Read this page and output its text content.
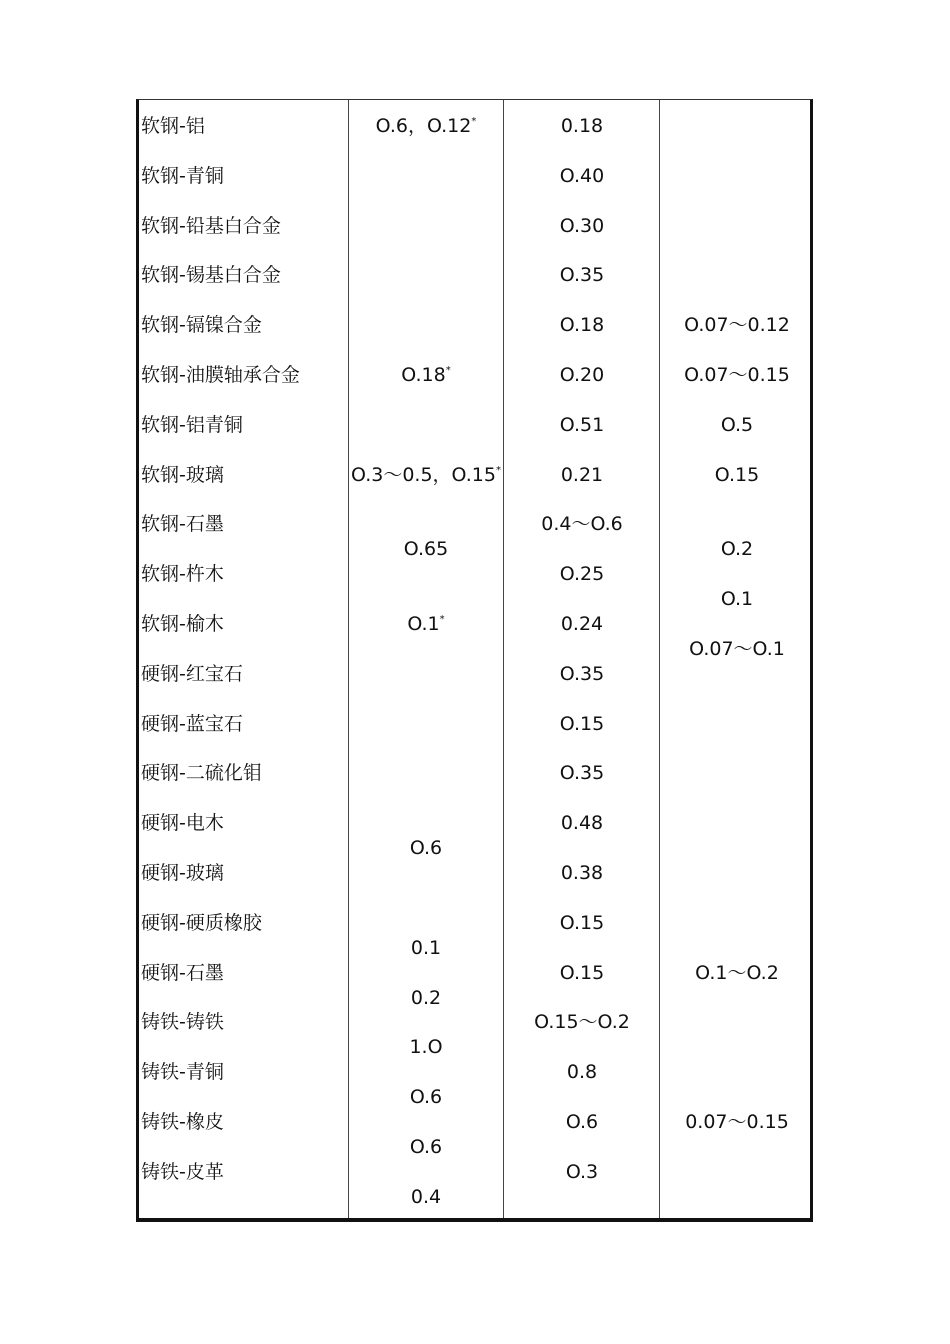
软钢-铝
软钢-青铜
软钢-铅基白合金
软钢-锡基白合金
软钢-镉镍合金
软钢-油膜轴承合金
软钢-铝青铜
软钢-玻璃
软钢-石墨
软钢-杵木
软钢-榆木
硬钢-红宝石
硬钢-蓝宝石
硬钢-二硫化钼
硬钢-电木
硬钢-玻璃
硬钢-硬质橡胶
硬钢-石墨
铸铁-铸铁
铸铁-青铜
铸铁-橡皮
铸铁-皮革
O.6，O.12*
O.18*
O.3～0.5，O.15*
O.65
O.1*
O.6
0.1
0.2
1.O
O.6
O.6
0.4
0.18
O.40
O.30
O.35
O.18
O.20
O.51
0.21
0.4～O.6
O.25
0.24
O.35
O.15
O.35
0.48
0.38
O.15
O.15
O.15～O.2
0.8
O.6
O.3
O.07～0.12
O.07～0.15
O.5
O.15
O.2
O.1
O.07～O.1
O.1～O.2
0.07～0.15
